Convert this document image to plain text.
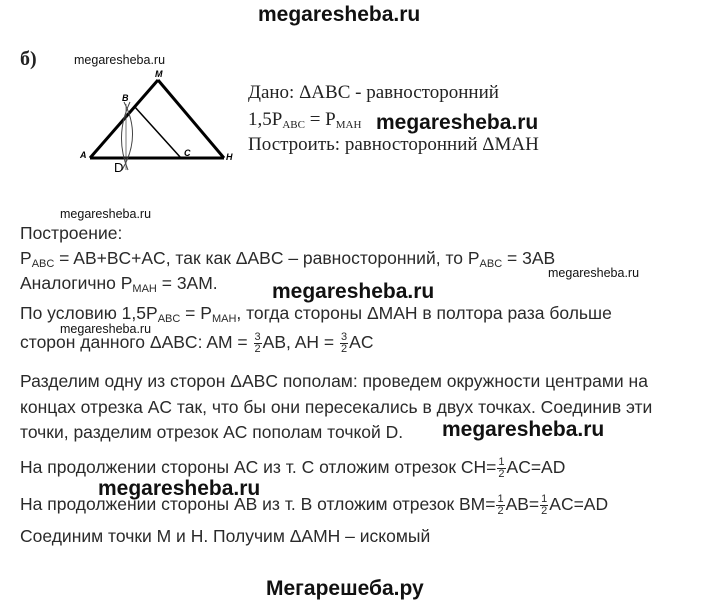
megaresheba.ru
б)	megaresheba.ru
M
B
A
D
C	H
Дано: ΔABC - равносторонний
$1,5P_{ABC} = P_{MAH}$ megaresheba.ru
Построить: равносторонний ΔMAH
megaresheba.ru
Построение:
$P_{ABC} = AB+BC+AC$, так как ΔABC – равносторонний, то $P_{ABC} = 3AB$
megaresheba.ru
Аналогично $P_{MAH} = 3AM$.	megaresheba.ru
По условию $1,5P_{ABC} = P_{MAH}$, тогда стороны ΔMAH в полтора раза больше
megaresheba.ru
сторон данного ΔABC: AM = $\frac{3}{2}$ AB, AH = $\frac{3}{2}$ AC
Разделим одну из сторон ΔABC пополам: проведем окружности центрами на
концах отрезка AC так, что бы они пересекались в двух точках. Соединив эти
точки, разделим отрезок AC пополам точкой D. megaresheba.ru
На продолжении стороны AC из т. C отложим отрезок $CH= \frac{1}{2} AC=AD$
megaresheba.ru
На продолжении стороны AB из т. B отложим отрезок $BM= \frac{1}{2} AB= \frac{1}{2} AC=AD$
Соединим точки M и H. Получим ΔAMH – искомый
Мегарешеба.ру
